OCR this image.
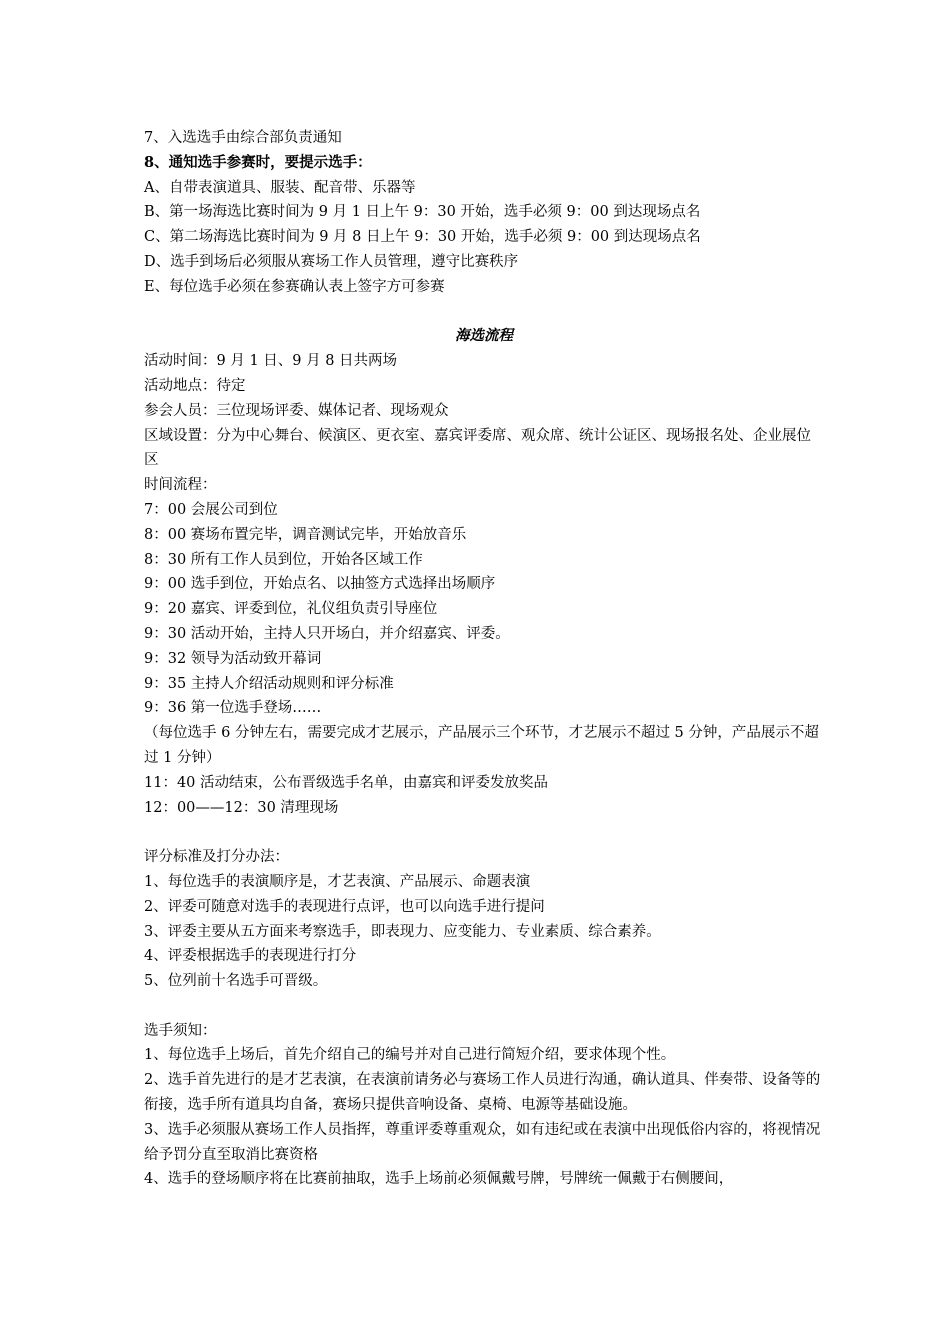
7、入选选手由综合部负责通知

8、通知选手参赛时，要提示选手：

A、自带表演道具、服装、配音带、乐器等

B、第一场海选比赛时间为 9 月 1 日上午 9：30 开始，选手必须 9：00 到达现场点名

C、第二场海选比赛时间为 9 月 8 日上午 9：30 开始，选手必须 9：00 到达现场点名

D、选手到场后必须服从赛场工作人员管理，遵守比赛秩序

E、每位选手必须在参赛确认表上签字方可参赛

海选流程

活动时间：9 月 1 日、9 月 8 日共两场

活动地点：待定

参会人员：三位现场评委、媒体记者、现场观众

区域设置：分为中心舞台、候演区、更衣室、嘉宾评委席、观众席、统计公证区、现场报名处、企业展位区

时间流程：

7：00 会展公司到位

8：00 赛场布置完毕，调音测试完毕，开始放音乐

8：30 所有工作人员到位，开始各区域工作

9：00 选手到位，开始点名、以抽签方式选择出场顺序

9：20 嘉宾、评委到位，礼仪组负责引导座位

9：30 活动开始，主持人只开场白，并介绍嘉宾、评委。

9：32 领导为活动致开幕词

9：35 主持人介绍活动规则和评分标准

9：36 第一位选手登场……

（每位选手 6 分钟左右，需要完成才艺展示，产品展示三个环节，才艺展示不超过 5 分钟，产品展示不超过 1 分钟）

11：40 活动结束，公布晋级选手名单，由嘉宾和评委发放奖品

12：00——12：30 清理现场

评分标准及打分办法：

1、每位选手的表演顺序是，才艺表演、产品展示、命题表演

2、评委可随意对选手的表现进行点评，也可以向选手进行提问

3、评委主要从五方面来考察选手，即表现力、应变能力、专业素质、综合素养。

4、评委根据选手的表现进行打分

5、位列前十名选手可晋级。

选手须知：

1、每位选手上场后，首先介绍自己的编号并对自己进行简短介绍，要求体现个性。

2、选手首先进行的是才艺表演，在表演前请务必与赛场工作人员进行沟通，确认道具、伴奏带、设备等的衔接，选手所有道具均自备，赛场只提供音响设备、桌椅、电源等基础设施。

3、选手必须服从赛场工作人员指挥，尊重评委尊重观众，如有违纪或在表演中出现低俗内容的，将视情况给予罚分直至取消比赛资格

4、选手的登场顺序将在比赛前抽取，选手上场前必须佩戴号牌，号牌统一佩戴于右侧腰间，
